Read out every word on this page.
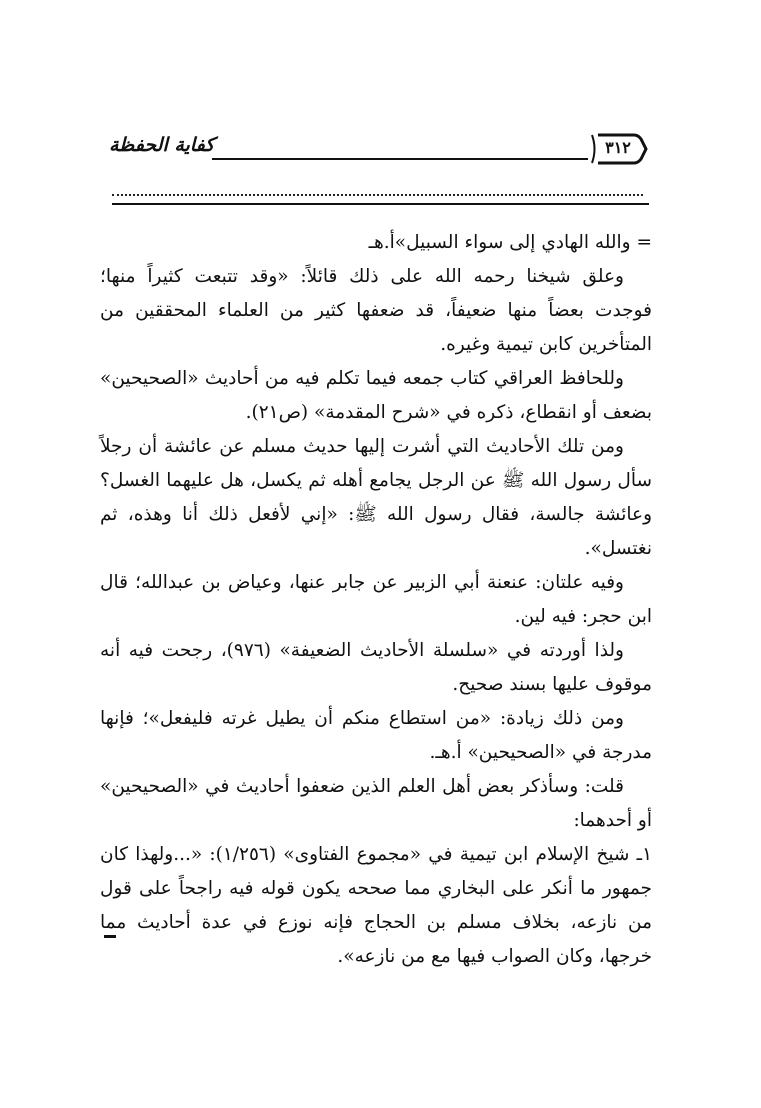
كفاية الحفظة	٣١٢

= والله الهادي إلى سواء السبيل»أ.هـ

وعلق شيخنا رحمه الله على ذلك قائلاً: «وقد تتبعت كثيراً منها؛ فوجدت بعضاً منها ضعيفاً، قد ضعفها كثير من العلماء المحققين من المتأخرين كابن تيمية وغيره.

وللحافظ العراقي كتاب جمعه فيما تكلم فيه من أحاديث «الصحيحين» بضعف أو انقطاع، ذكره في «شرح المقدمة» (ص٢١).

ومن تلك الأحاديث التي أشرت إليها حديث مسلم عن عائشة أن رجلاً سأل رسول الله ﷺ عن الرجل يجامع أهله ثم يكسل، هل عليهما الغسل؟ وعائشة جالسة، فقال رسول الله ﷺ: «إني لأفعل ذلك أنا وهذه، ثم نغتسل».

وفيه علتان: عنعنة أبي الزبير عن جابر عنها، وعياض بن عبدالله؛ قال ابن حجر: فيه لين.

ولذا أوردته في «سلسلة الأحاديث الضعيفة» (٩٧٦)، رجحت فيه أنه موقوف عليها بسند صحيح.

ومن ذلك زيادة: «من استطاع منكم أن يطيل غرته فليفعل»؛ فإنها مدرجة في «الصحيحين» أ.هـ.

قلت: وسأذكر بعض أهل العلم الذين ضعفوا أحاديث في «الصحيحين» أو أحدهما:

١ـ شيخ الإسلام ابن تيمية في «مجموع الفتاوى» (١/٢٥٦): «...ولهذا كان جمهور ما أنكر على البخاري مما صححه يكون قوله فيه راجحاً على قول من نازعه، بخلاف مسلم بن الحجاج فإنه نوزع في عدة أحاديث مما خرجها، وكان الصواب فيها مع من نازعه».
